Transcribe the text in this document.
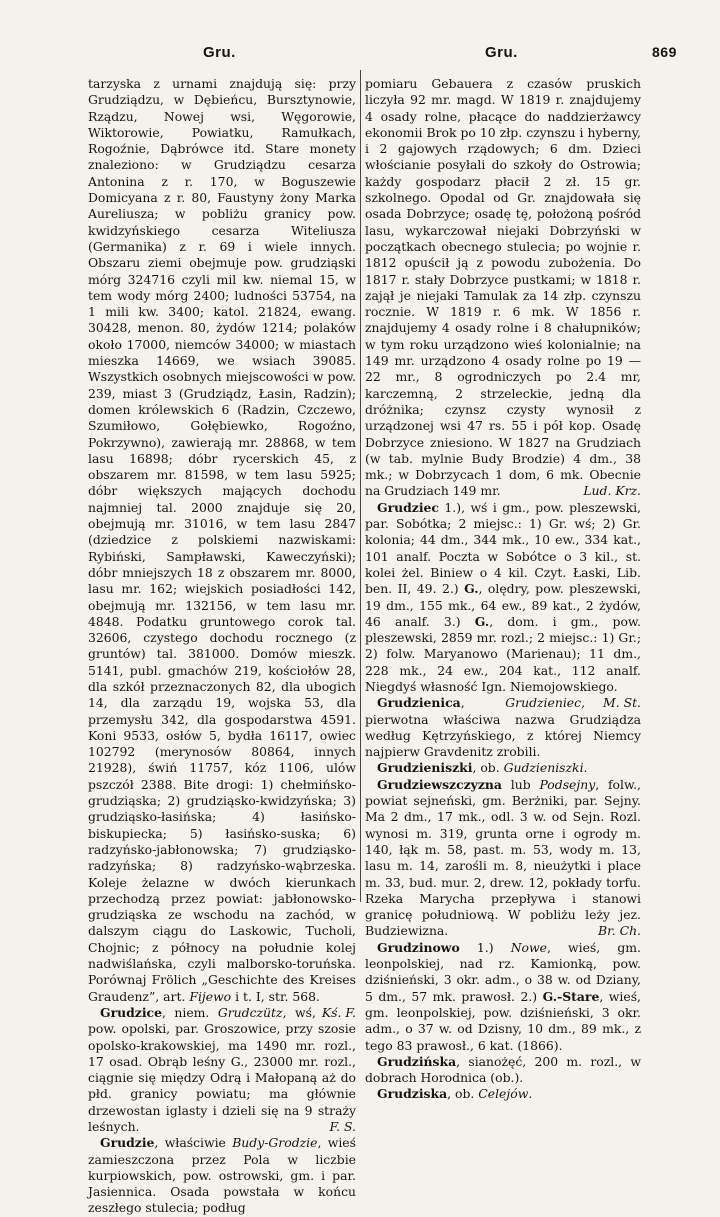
Gru.	Gru.	869

tarzyska z urnami znajdują się: przy Grudziądzu, w Dębieńcu, Bursztynowie, Rządzu, Nowej wsi, Węgorowie, Wiktorowie, Powiatku, Ramułkach, Rogoźnie, Dąbrówce itd. Stare monety znaleziono: w Grudziądzu cesarza Antonina z r. 170, w Boguszewie Domicyana z r. 80, Faustyny żony Marka Aureliusza; w pobliżu granicy pow. kwidzyńskiego cesarza Witeliusza (Germanika) z r. 69 i wiele innych. Obszaru ziemi obejmuje pow. grudziąski mórg 324716 czyli mil kw. niemal 15, w tem wody mórg 2400; ludności 53754, na 1 mili kw. 3400; katol. 21824, ewang. 30428, menon. 80, żydów 1214; polaków około 17000, niemców 34000; w miastach mieszka 14669, we wsiach 39085. Wszystkich osobnych miejscowości w pow. 239, miast 3 (Grudziądz, Łasin, Radzin); domen królewskich 6 (Radzin, Czczewo, Szumiłowo, Gołębiewko, Rogoźno, Pokrzywno), zawierają mr. 28868, w tem lasu 16898; dóbr rycerskich 45, z obszarem mr. 81598, w tem lasu 5925; dóbr większych mających dochodu najmniej tal. 2000 znajduje się 20, obejmują mr. 31016, w tem lasu 2847 (dziedzice z polskiemi nazwiskami: Rybiński, Sampławski, Kaweczyński); dóbr mniejszych 18 z obszarem mr. 8000, lasu mr. 162; wiejskich posiadłości 142, obejmują mr. 132156, w tem lasu mr. 4848. Podatku gruntowego corok tal. 32606, czystego dochodu rocznego (z gruntów) tal. 381000. Domów mieszk. 5141, publ. gmachów 219, kościołów 28, dla szkół przeznaczonych 82, dla ubogich 14, dla zarządu 19, wojska 53, dla przemysłu 342, dla gospodarstwa 4591. Koni 9533, osłów 5, bydła 16117, owiec 102792 (merynosów 80864, innych 21928), świń 11757, kóz 1106, ulów pszczół 2388. Bite drogi: 1) chełmińsko-grudziąska; 2) grudziąsko-kwidzyńska; 3) grudziąsko-łasińska; 4) łasińsko-biskupiecka; 5) łasińsko-suska; 6) radzyńsko-jabłonowska; 7) grudziąsko-radzyńska; 8) radzyńsko-wąbrzeska. Koleje żelazne w dwóch kierunkach przechodzą przez powiat: jabłonowsko-grudziąska ze wschodu na zachód, w dalszym ciągu do Laskowic, Tucholi, Chojnic; z północy na południe kolej nadwiślańska, czyli malborsko-toruńska. Porównaj Frölich „Geschichte des Kreises Graudenz”, art. Fijewo i t. I, str. 568.
Kś. F.

Grudzice, niem. Grudczütz, wś, pow. opolski, par. Groszowice, przy szosie opolsko-krakowskiej, ma 1490 mr. rozl., 17 osad. Obrąb leśny G., 23000 mr. rozl., ciągnie się między Odrą i Małopaną aż do płd. granicy powiatu; ma głównie drzewostan iglasty i dzieli się na 9 straży leśnych.	F. S.

Grudzie, właściwie Budy-Grodzie, wieś zamieszczona przez Pola w liczbie kurpiowskich, pow. ostrowski, gm. i par. Jasiennica. Osada powstała w końcu zeszłego stulecia; podług

pomiaru Gebauera z czasów pruskich liczyła 92 mr. magd. W 1819 r. znajdujemy 4 osady rolne, płacące do naddzierżawcy ekonomii Brok po 10 złp. czynszu i hyberny, i 2 gajowych rządowych; 6 dm. Dzieci włościanie posyłali do szkoły do Ostrowia; każdy gospodarz płacił 2 zł. 15 gr. szkolnego. Opodal od Gr. znajdowała się osada Dobrzyce; osadę tę, położoną pośród lasu, wykarczował niejaki Dobrzyński w początkach obecnego stulecia; po wojnie r. 1812 opuścił ją z powodu zubożenia. Do 1817 r. stały Dobrzyce pustkami; w 1818 r. zajął je niejaki Tamulak za 14 złp. czynszu rocznie. W 1819 r. 6 mk. W 1856 r. znajdujemy 4 osady rolne i 8 chałupników; w tym roku urządzono wieś kolonialnie; na 149 mr. urządzono 4 osady rolne po 19 — 22 mr., 8 ogrodniczych po 2.4 mr, karczemną, 2 strzeleckie, jedną dla dróżnika; czynsz czysty wynosił z urządzonej wsi 47 rs. 55 i pół kop. Osadę Dobrzyce zniesiono. W 1827 na Grudziach (w tab. mylnie Budy Brodzie) 4 dm., 38 mk.; w Dobrzycach 1 dom, 6 mk. Obecnie na Grudziach 149 mr.	Lud. Krz.

Grudziec 1.), wś i gm., pow. pleszewski, par. Sobótka; 2 miejsc.: 1) Gr. wś; 2) Gr. kolonia; 44 dm., 344 mk., 10 ew., 334 kat., 101 analf. Poczta w Sobótce o 3 kil., st. kolei żel. Biniew o 4 kil. Czyt. Łaski, Lib. ben. II, 49. 2.) G., olędry, pow. pleszewski, 19 dm., 155 mk., 64 ew., 89 kat., 2 żydów, 46 analf. 3.) G., dom. i gm., pow. pleszewski, 2859 mr. rozl.; 2 miejsc.: 1) Gr.; 2) folw. Maryanowo (Marienau); 11 dm., 228 mk., 24 ew., 204 kat., 112 analf. Niegdyś własność Ign. Niemojowskiego.
M. St.

Grudzienica, Grudzieniec, pierwotna właściwa nazwa Grudziądza według Kętrzyńskiego, z której Niemcy najpierw Gravdenitz zrobili.

Grudzieniszki, ob. Gudzieniszki.

Grudziewszczyzna lub Podsejny, folw., powiat sejneński, gm. Berżniki, par. Sejny. Ma 2 dm., 17 mk., odl. 3 w. od Sejn. Rozl. wynosi m. 319, grunta orne i ogrody m. 140, łąk m. 58, past. m. 53, wody m. 13, lasu m. 14, zarośli m. 8, nieużytki i place m. 33, bud. mur. 2, drew. 12, pokłady torfu. Rzeka Marycha przepływa i stanowi granicę południową. W pobliżu leży jez. Budziewizna.	Br. Ch.

Grudzinowo 1.) Nowe, wieś, gm. leonpolskiej, nad rz. Kamionką, pow. dziśnieński, 3 okr. adm., o 38 w. od Dziany, 5 dm., 57 mk. prawosł. 2.) G.-Stare, wieś, gm. leonpolskiej, pow. dziśnieński, 3 okr. adm., o 37 w. od Dzisny, 10 dm., 89 mk., z tego 83 prawosł., 6 kat. (1866).

Grudzińska, sianożęć, 200 m. rozl., w dobrach Horodnica (ob.).

Grudziska, ob. Celejów.
